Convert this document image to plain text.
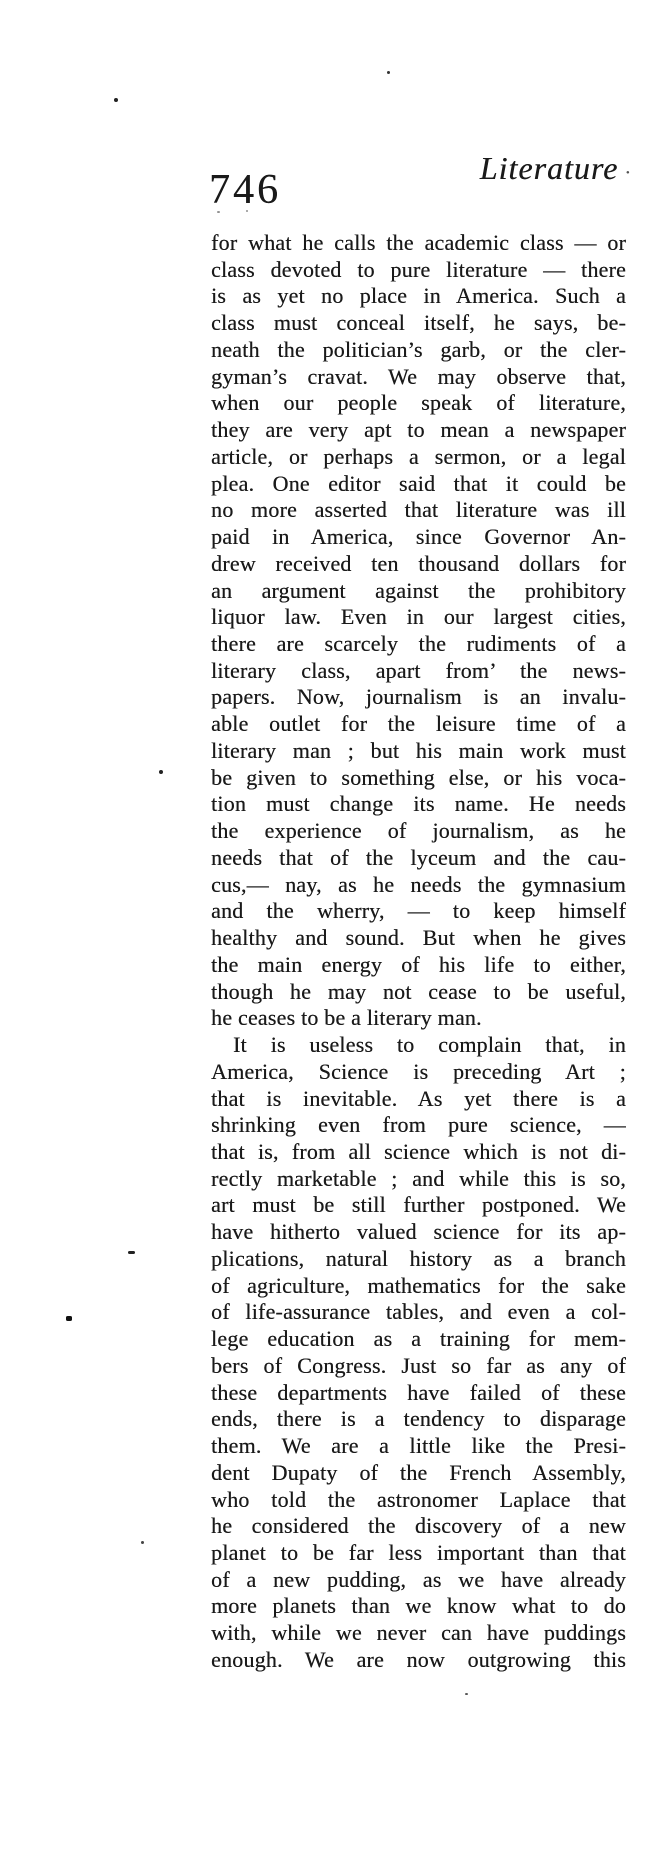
746	Literature ·
for what he calls the academic class — or
class devoted to pure literature — there
is as yet no place in America. Such a
class must conceal itself, he says, be-
neath the politician’s garb, or the cler-
gyman’s cravat. We may observe that,
when our people speak of literature,
they are very apt to mean a newspaper
article, or perhaps a sermon, or a legal
plea. One editor said that it could be
no more asserted that literature was ill
paid in America, since Governor An-
drew received ten thousand dollars for
an argument against the prohibitory
liquor law. Even in our largest cities,
there are scarcely the rudiments of a
literary class, apart from’ the news-
papers. Now, journalism is an invalu-
able outlet for the leisure time of a
literary man ; but his main work must
be given to something else, or his voca-
tion must change its name. He needs
the experience of journalism, as he
needs that of the lyceum and the cau-
cus,— nay, as he needs the gymnasium
and the wherry, — to keep himself
healthy and sound. But when he gives
the main energy of his life to either,
though he may not cease to be useful,
he ceases to be a literary man.
It is useless to complain that, in
America, Science is preceding Art ;
that is inevitable. As yet there is a
shrinking even from pure science, —
that is, from all science which is not di-
rectly marketable ; and while this is so,
art must be still further postponed. We
have hitherto valued science for its ap-
plications, natural history as a branch
of agriculture, mathematics for the sake
of life-assurance tables, and even a col-
lege education as a training for mem-
bers of Congress. Just so far as any of
these departments have failed of these
ends, there is a tendency to disparage
them. We are a little like the Presi-
dent Dupaty of the French Assembly,
who told the astronomer Laplace that
he considered the discovery of a new
planet to be far less important than that
of a new pudding, as we have already
more planets than we know what to do
with, while we never can have puddings
enough. We are now outgrowing this
